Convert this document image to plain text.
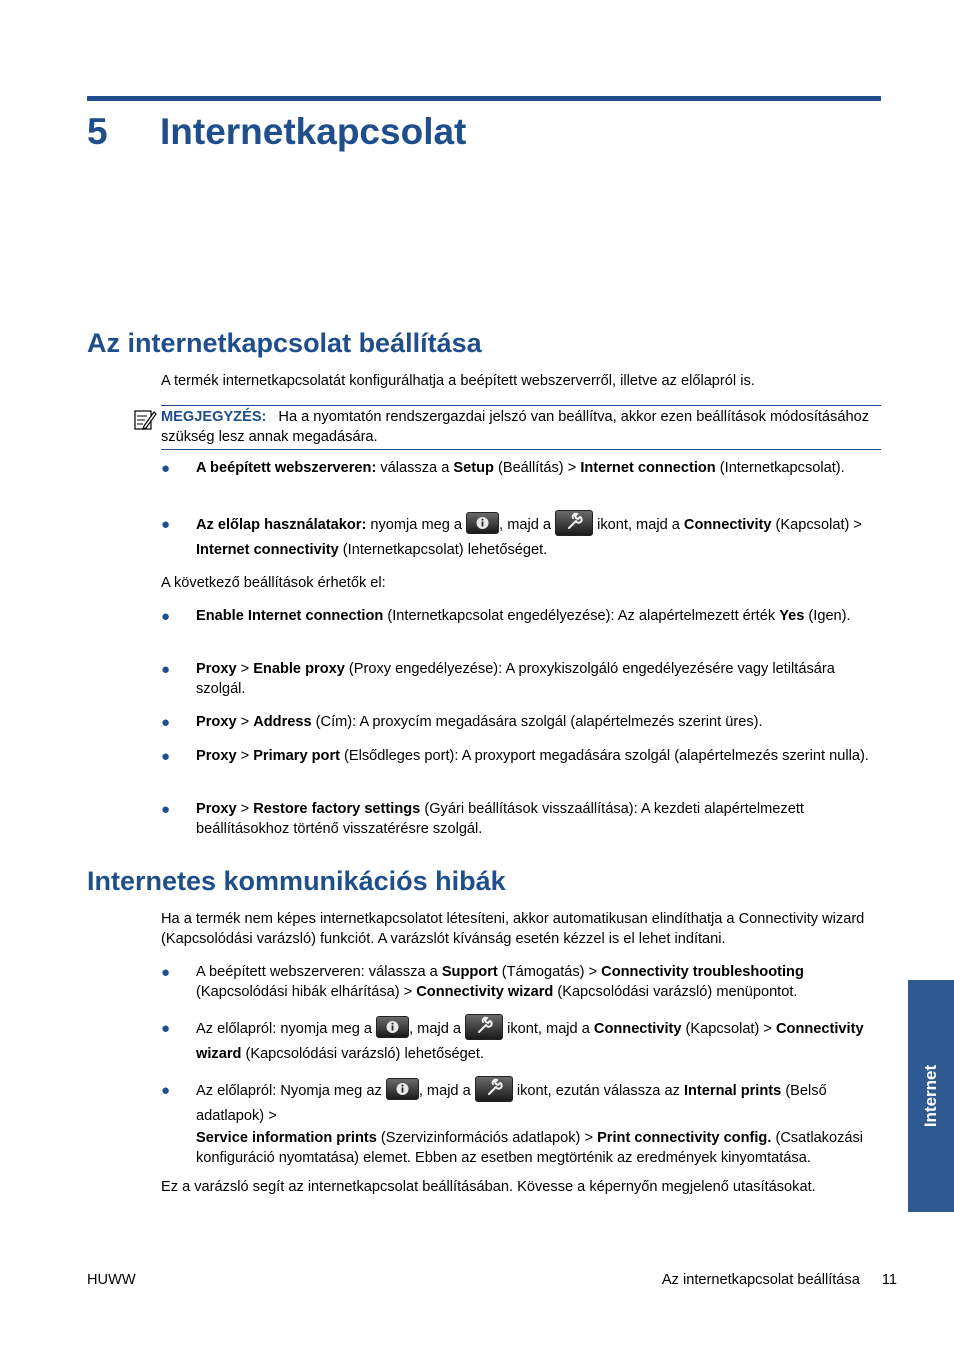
5 Internetkapcsolat
Az internetkapcsolat beállítása

A termék internetkapcsolatát konfigurálhatja a beépített webszerverről, illetve az előlapról is.

MEGJEGYZÉS: Ha a nyomtatón rendszergazdai jelszó van beállítva, akkor ezen beállítások módosításához szükség lesz annak megadására.
● A beépített webszerveren: válassza a Setup (Beállítás) > Internet connection (Internetkapcsolat).
● Az előlap használatakor: nyomja meg a
, majd a	ikont, majd a Connectivity (Kapcsolat) > Internet connectivity (Internetkapcsolat) lehetőséget.

A következő beállítások érhetők el:

● Enable Internet connection (Internetkapcsolat engedélyezése): Az alapértelmezett érték Yes (Igen).
● Proxy > Enable proxy (Proxy engedélyezése): A proxykiszolgáló engedélyezésére vagy letiltására szolgál.
● Proxy > Address (Cím): A proxycím megadására szolgál (alapértelmezés szerint üres).
● Proxy > Primary port (Elsődleges port): A proxyport megadására szolgál (alapértelmezés szerint nulla).
● Proxy > Restore factory settings (Gyári beállítások visszaállítása): A kezdeti alapértelmezett beállításokhoz történő visszatérésre szolgál.
Internetes kommunikációs hibák

Ha a termék nem képes internetkapcsolatot létesíteni, akkor automatikusan elindíthatja a Connectivity wizard (Kapcsolódási varázsló) funkciót. A varázslót kívánság esetén kézzel is el lehet indítani.

● A beépített webszerveren: válassza a Support (Támogatás) > Connectivity troubleshooting (Kapcsolódási hibák elhárítása) > Connectivity wizard (Kapcsolódási varázsló) menüpontot.
● Az előlapról: nyomja meg a
, majd a	ikont, majd a Connectivity (Kapcsolat) > Connectivity wizard (Kapcsolódási varázsló) lehetőséget.
● Az előlapról: Nyomja meg az
, majd a	ikont, ezután válassza az Internal prints (Belső adatlapok) >Service information prints (Szervizinformációs adatlapok) > Print connectivity config. (Csatlakozási konfiguráció nyomtatása) elemet. Ebben az esetben megtörténik az eredmények kinyomtatása.

Ez a varázsló segít az internetkapcsolat beállításában. Kövesse a képernyőn megjelenő utasításokat.

Internet
HUWW	Az internetkapcsolat beállítása 11
